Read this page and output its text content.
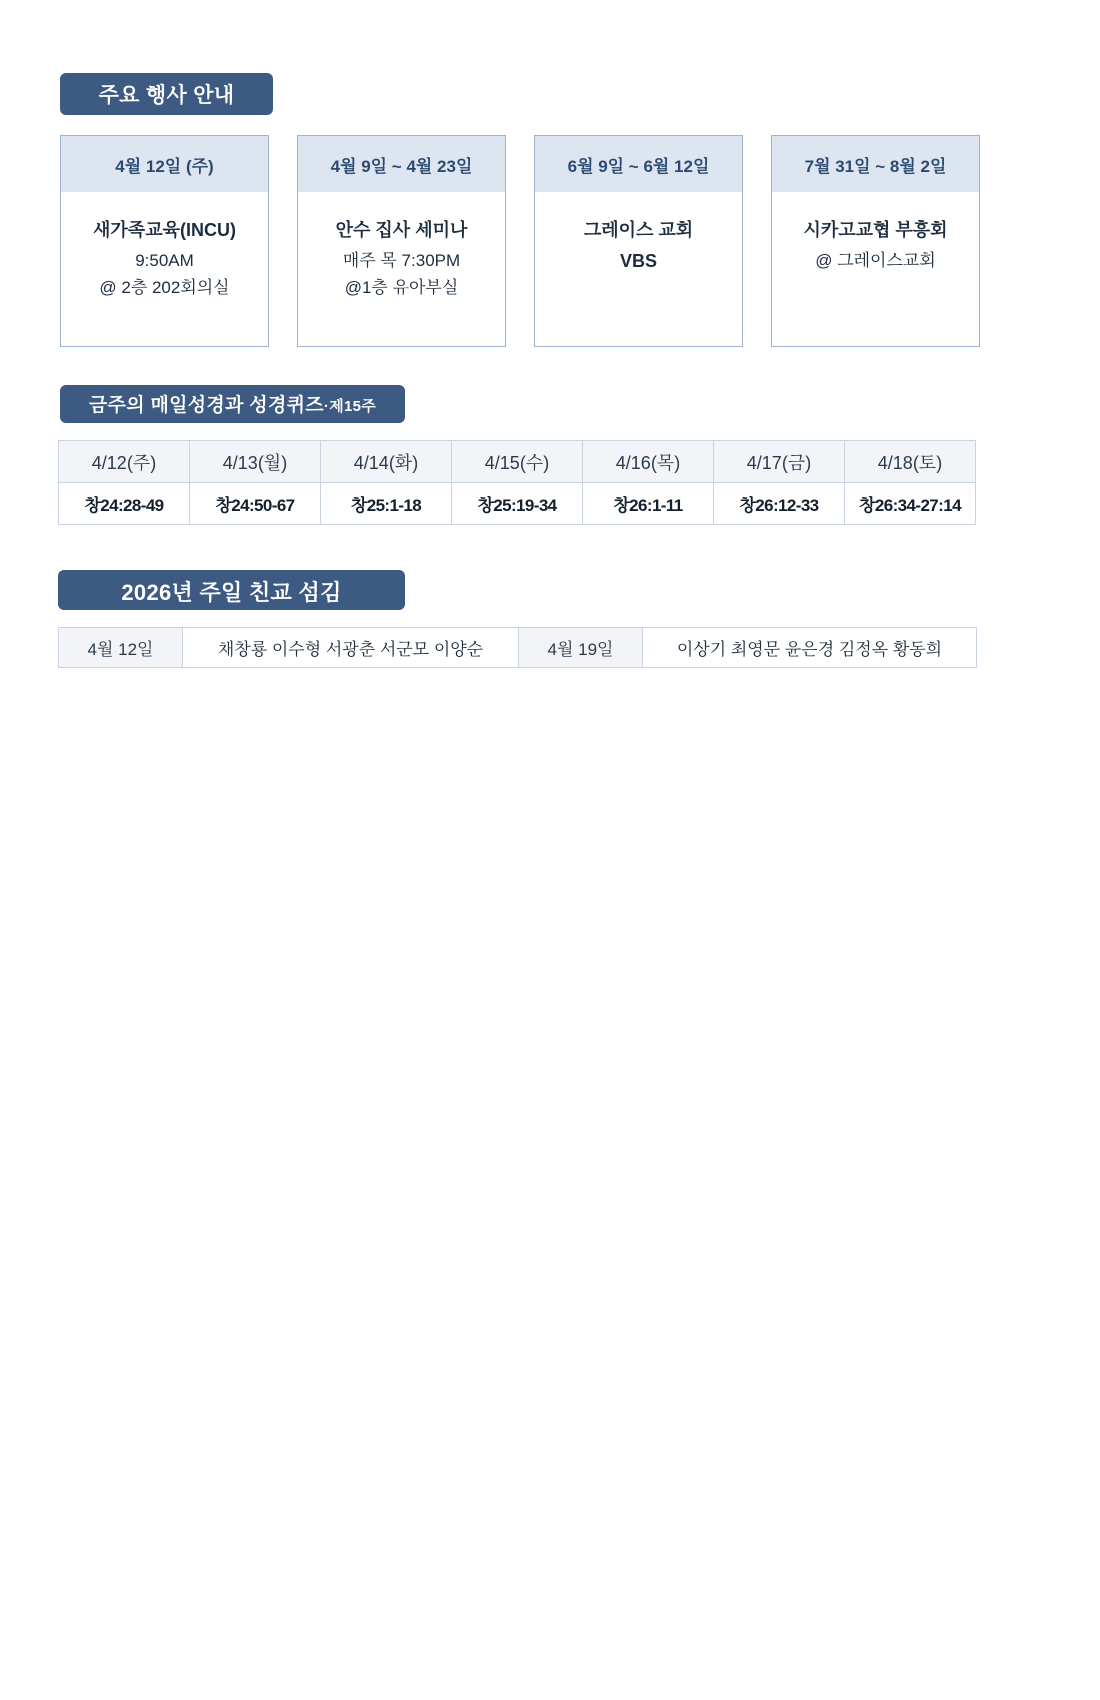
주요 행사 안내
4월 12일 (주)
새가족교육(INCU)
9:50AM
@ 2층 202회의실
4월 9일 ~ 4월 23일
안수 집사 세미나
매주 목 7:30PM
@1층 유아부실
6월 9일 ~ 6월 12일
그레이스 교회
VBS
7월 31일 ~ 8월 2일
시카고교협 부흥회
@ 그레이스교회
금주의 매일성경과 성경퀴즈·제15주
4/12(주)	4/13(월)	4/14(화)	4/15(수)	4/16(목)	4/17(금)	4/18(토)
창24:28-49	창24:50-67	창25:1-18	창25:19-34	창26:1-11	창26:12-33	창26:34-27:14
2026년 주일 친교 섬김
4월 12일	채창룡 이수형 서광춘 서군모 이양순	4월 19일	이상기 최영문 윤은경 김정옥 황동희
